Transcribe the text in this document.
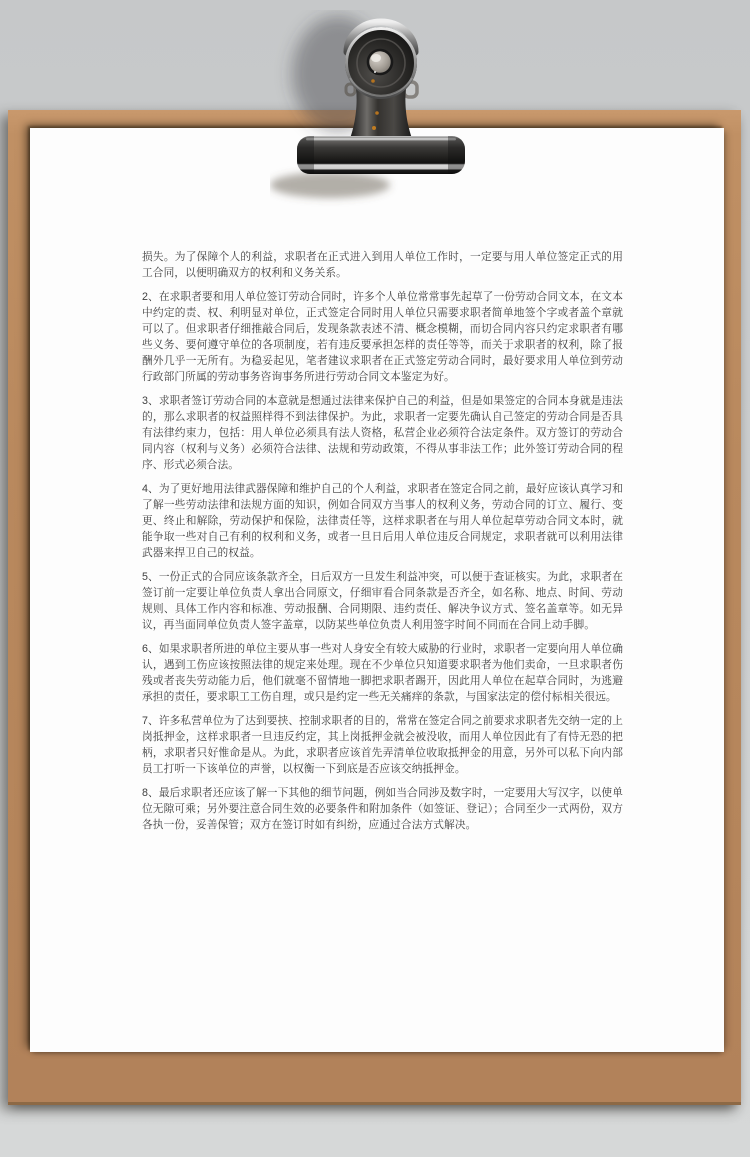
损失。为了保障个人的利益，求职者在正式进入到用人单位工作时，一定要与用人单位签定正式的用工合同，以便明确双方的权利和义务关系。

2、在求职者要和用人单位签订劳动合同时，许多个人单位常常事先起草了一份劳动合同文本，在文本中约定的责、权、利明显对单位，正式签定合同时用人单位只需要求职者简单地签个字或者盖个章就可以了。但求职者仔细推敲合同后，发现条款表述不清、概念模糊，而切合同内容只约定求职者有哪些义务、要何遵守单位的各项制度，若有违反要承担怎样的责任等等，而关于求职者的权利，除了报酬外几乎一无所有。为稳妥起见，笔者建议求职者在正式签定劳动合同时，最好要求用人单位到劳动行政部门所属的劳动事务咨询事务所进行劳动合同文本鉴定为好。

3、求职者签订劳动合同的本意就是想通过法律来保护自己的利益，但是如果签定的合同本身就是违法的，那么求职者的权益照样得不到法律保护。为此，求职者一定要先确认自己签定的劳动合同是否具有法律约束力，包括：用人单位必须具有法人资格，私营企业必须符合法定条件。双方签订的劳动合同内容（权利与义务）必须符合法律、法规和劳动政策，不得从事非法工作；此外签订劳动合同的程序、形式必须合法。

4、为了更好地用法律武器保障和维护自己的个人利益，求职者在签定合同之前，最好应该认真学习和了解一些劳动法律和法规方面的知识，例如合同双方当事人的权利义务，劳动合同的订立、履行、变更、终止和解除，劳动保护和保险，法律责任等，这样求职者在与用人单位起草劳动合同文本时，就能争取一些对自己有利的权利和义务，或者一旦日后用人单位违反合同规定，求职者就可以利用法律武器来捍卫自己的权益。

5、一份正式的合同应该条款齐全，日后双方一旦发生利益冲突，可以便于查证核实。为此，求职者在签订前一定要让单位负责人拿出合同原文，仔细审看合同条款是否齐全，如名称、地点、时间、劳动规则、具体工作内容和标准、劳动报酬、合同期限、违约责任、解决争议方式、签名盖章等。如无异议，再当面同单位负责人签字盖章，以防某些单位负责人利用签字时间不同而在合同上动手脚。

6、如果求职者所进的单位主要从事一些对人身安全有较大威胁的行业时，求职者一定要向用人单位确认，遇到工伤应该按照法律的规定来处理。现在不少单位只知道要求职者为他们卖命，一旦求职者伤残或者丧失劳动能力后，他们就毫不留情地一脚把求职者踢开，因此用人单位在起草合同时，为逃避承担的责任，要求职工工伤自理，或只是约定一些无关痛痒的条款，与国家法定的偿付标相关很远。

7、许多私营单位为了达到要挟、控制求职者的目的，常常在签定合同之前要求求职者先交纳一定的上岗抵押金，这样求职者一旦违反约定，其上岗抵押金就会被没收，而用人单位因此有了有恃无恐的把柄，求职者只好惟命是从。为此，求职者应该首先弄清单位收取抵押金的用意，另外可以私下向内部员工打听一下该单位的声誉，以权衡一下到底是否应该交纳抵押金。

8、最后求职者还应该了解一下其他的细节问题，例如当合同涉及数字时，一定要用大写汉字，以使单位无隙可乘；另外要注意合同生效的必要条件和附加条件（如签证、登记）；合同至少一式两份，双方各执一份，妥善保管；双方在签订时如有纠纷，应通过合法方式解决。
